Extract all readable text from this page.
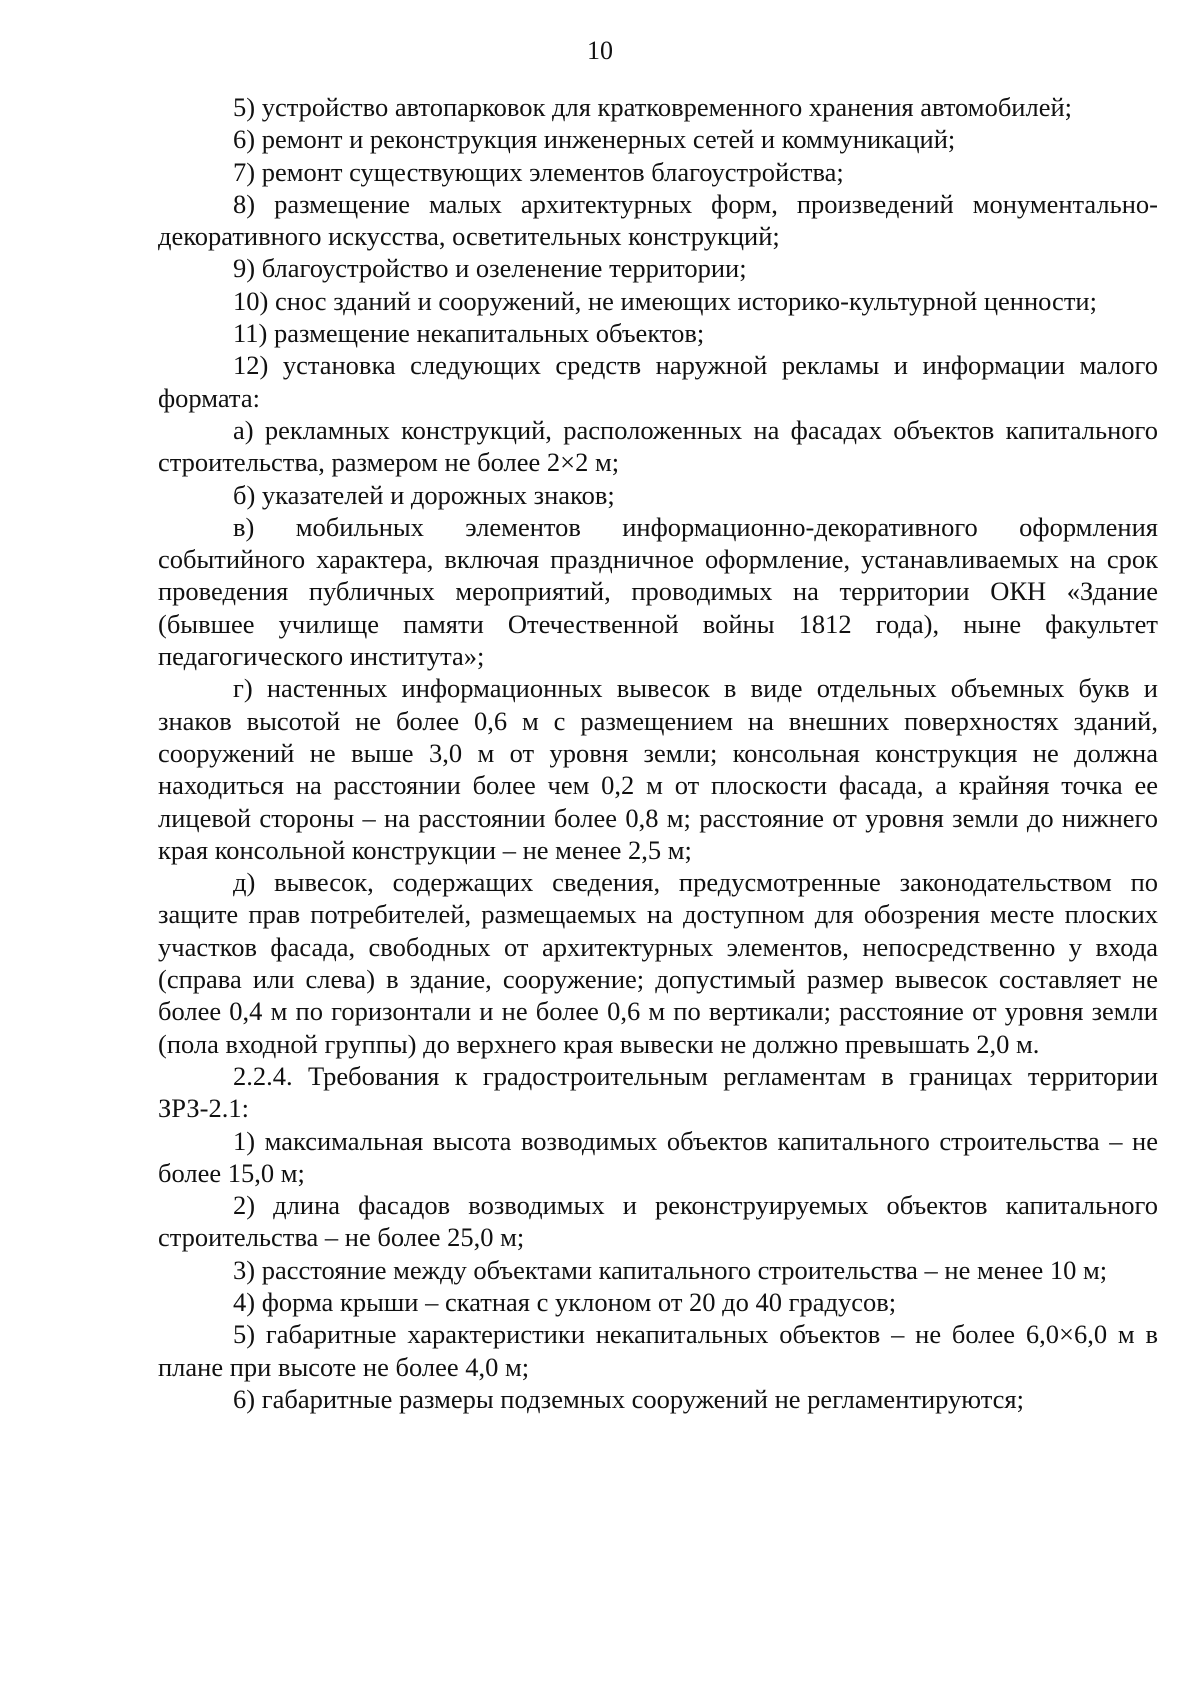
10

5) устройство автопарковок для кратковременного хранения автомобилей;

6) ремонт и реконструкция инженерных сетей и коммуникаций;

7) ремонт существующих элементов благоустройства;

8) размещение малых архитектурных форм, произведений монументально-декоративного искусства, осветительных конструкций;

9) благоустройство и озеленение территории;

10) снос зданий и сооружений, не имеющих историко-культурной ценности;

11) размещение некапитальных объектов;

12) установка следующих средств наружной рекламы и информации малого формата:

а) рекламных конструкций, расположенных на фасадах объектов капитального строительства, размером не более 2×2 м;

б) указателей и дорожных знаков;

в) мобильных элементов информационно-декоративного оформления событийного характера, включая праздничное оформление, устанавливаемых на срок проведения публичных мероприятий, проводимых на территории ОКН «Здание (бывшее училище памяти Отечественной войны 1812 года), ныне факультет педагогического института»;

г) настенных информационных вывесок в виде отдельных объемных букв и знаков высотой не более 0,6 м с размещением на внешних поверхностях зданий, сооружений не выше 3,0 м от уровня земли; консольная конструкция не должна находиться на расстоянии более чем 0,2 м от плоскости фасада, а крайняя точка ее лицевой стороны – на расстоянии более 0,8 м; расстояние от уровня земли до нижнего края консольной конструкции – не менее 2,5 м;

д) вывесок, содержащих сведения, предусмотренные законодательством по защите прав потребителей, размещаемых на доступном для обозрения месте плоских участков фасада, свободных от архитектурных элементов, непосредственно у входа (справа или слева) в здание, сооружение; допустимый размер вывесок составляет не более 0,4 м по горизонтали и не более 0,6 м по вертикали; расстояние от уровня земли (пола входной группы) до верхнего края вывески не должно превышать 2,0 м.

2.2.4. Требования к градостроительным регламентам в границах территории ЗРЗ-2.1:

1) максимальная высота возводимых объектов капитального строительства – не более 15,0 м;

2) длина фасадов возводимых и реконструируемых объектов капитального строительства – не более 25,0 м;

3) расстояние между объектами капитального строительства – не менее 10 м;

4) форма крыши – скатная с уклоном от 20 до 40 градусов;

5) габаритные характеристики некапитальных объектов – не более 6,0×6,0 м в плане при высоте не более 4,0 м;

6) габаритные размеры подземных сооружений не регламентируются;
